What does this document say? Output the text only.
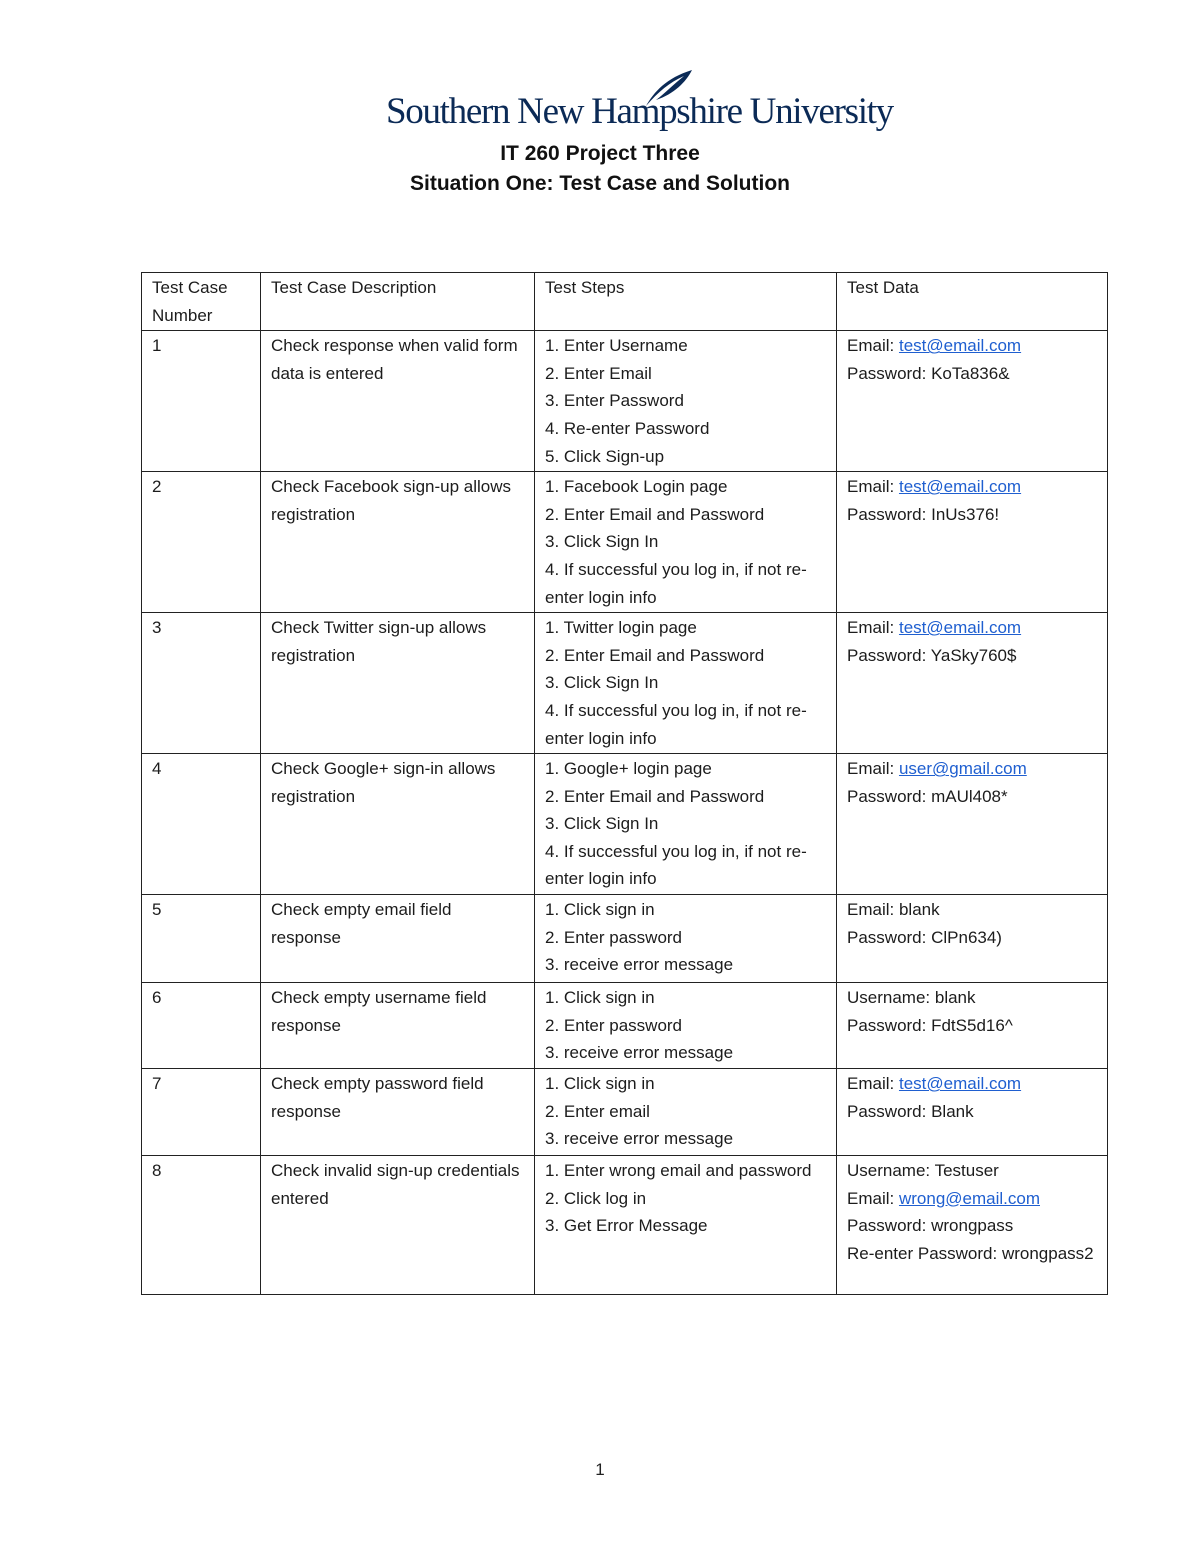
Southern New Hampshire University
IT 260 Project Three
Situation One: Test Case and Solution
Test Case Number	Test Case Description	Test Steps	Test Data
1	Check response when valid form data is entered	1. Enter Username
2. Enter Email
3. Enter Password
4. Re-enter Password
5. Click Sign-up	Email: test@email.com
Password: KoTa836&

2	Check Facebook sign-up allows registration	1. Facebook Login page
2. Enter Email and Password
3. Click Sign In
4. If successful you log in, if not re-enter login info	Email: test@email.com
Password: InUs376!

3	Check Twitter sign-up allows registration	1. Twitter login page
2. Enter Email and Password
3. Click Sign In
4. If successful you log in, if not re-enter login info	Email: test@email.com
Password: YaSky760$

4	Check Google+ sign-in allows registration	1. Google+ login page
2. Enter Email and Password
3. Click Sign In
4. If successful you log in, if not re-enter login info	Email: user@gmail.com
Password: mAUl408*

5	Check empty email field response	1. Click sign in
2. Enter password
3. receive error message	Email: blank
Password: ClPn634)

6	Check empty username field response	1. Click sign in
2. Enter password
3. receive error message	Username: blank
Password: FdtS5d16^

7	Check empty password field response	1. Click sign in
2. Enter email
3. receive error message	Email: test@email.com
Password: Blank

8	Check invalid sign-up credentials entered	1. Enter wrong email and password
2. Click log in
3. Get Error Message	Username: Testuser
Email: wrong@email.com
Password: wrongpass
Re-enter Password: wrongpass2
1
